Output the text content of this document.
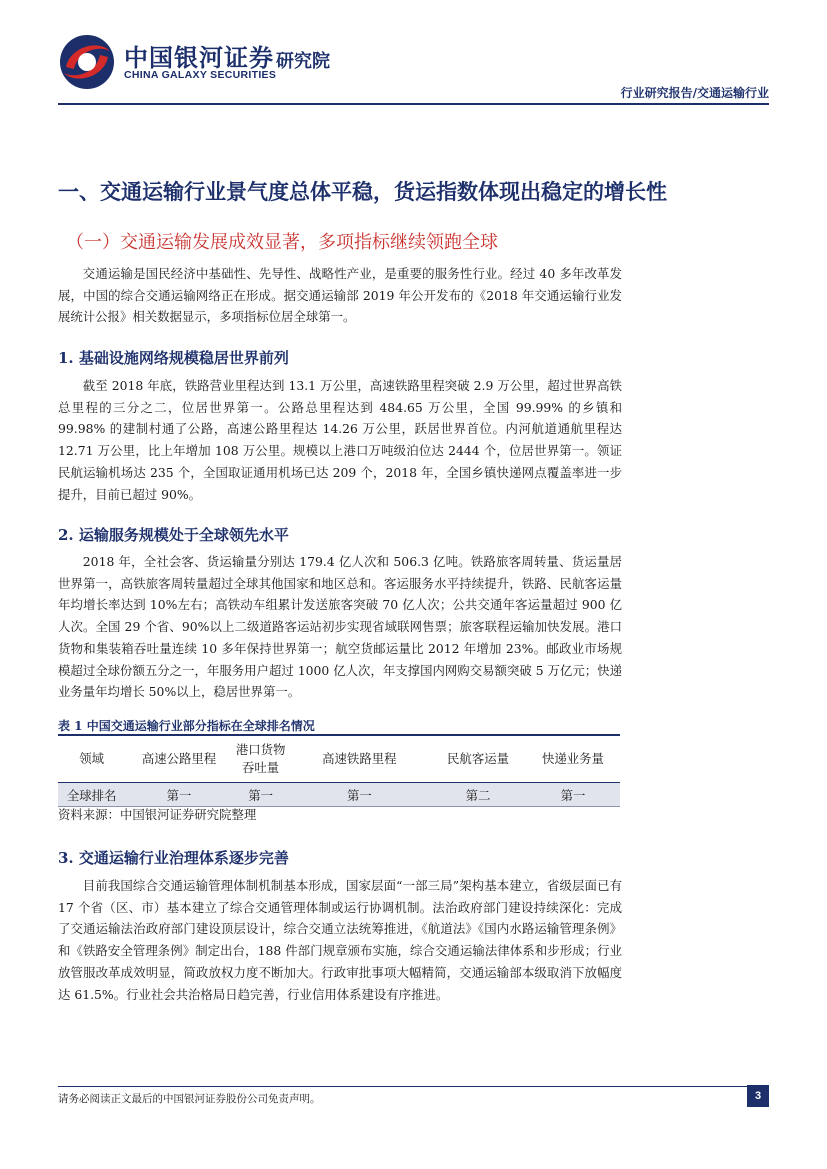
中国银河证券
CHINA GALAXY SECURITIES
研究院
行业研究报告/交通运输行业
一、交通运输行业景气度总体平稳，货运指数体现出稳定的增长性
（一）交通运输发展成效显著，多项指标继续领跑全球

交通运输是国民经济中基础性、先导性、战略性产业，是重要的服务性行业。经过 40 多年改革发展，中国的综合交通运输网络正在形成。据交通运输部 2019 年公开发布的《2018 年交通运输行业发展统计公报》相关数据显示，多项指标位居全球第一。

1. 基础设施网络规模稳居世界前列

截至 2018 年底，铁路营业里程达到 13.1 万公里，高速铁路里程突破 2.9 万公里，超过世界高铁总里程的三分之二，位居世界第一。公路总里程达到 484.65 万公里，全国 99.99% 的乡镇和 99.98% 的建制村通了公路，高速公路里程达 14.26 万公里，跃居世界首位。内河航道通航里程达 12.71 万公里，比上年增加 108 万公里。规模以上港口万吨级泊位达 2444 个，位居世界第一。领证民航运输机场达 235 个，全国取证通用机场已达 209 个，2018 年，全国乡镇快递网点覆盖率进一步提升，目前已超过 90%。

2. 运输服务规模处于全球领先水平

2018 年，全社会客、货运输量分别达 179.4 亿人次和 506.3 亿吨。铁路旅客周转量、货运量居世界第一，高铁旅客周转量超过全球其他国家和地区总和。客运服务水平持续提升，铁路、民航客运量年均增长率达到 10%左右；高铁动车组累计发送旅客突破 70 亿人次；公共交通年客运量超过 900 亿人次。全国 29 个省、90%以上二级道路客运站初步实现省域联网售票；旅客联程运输加快发展。港口货物和集装箱吞吐量连续 10 多年保持世界第一；航空货邮运量比 2012 年增加 23%。邮政业市场规模超过全球份额五分之一，年服务用户超过 1000 亿人次，年支撑国内网购交易额突破 5 万亿元；快递业务量年均增长 50%以上，稳居世界第一。

表 1 中国交通运输行业部分指标在全球排名情况
领域	高速公路里程	港口货物吞吐量	高速铁路里程	民航客运量	快递业务量
全球排名	第一	第一	第一	第二	第一
资料来源：中国银河证券研究院整理
3. 交通运输行业治理体系逐步完善

目前我国综合交通运输管理体制机制基本形成，国家层面“一部三局”架构基本建立，省级层面已有 17 个省（区、市）基本建立了综合交通管理体制或运行协调机制。法治政府部门建设持续深化：完成了交通运输法治政府部门建设顶层设计，综合交通立法统筹推进，《航道法》《国内水路运输管理条例》和《铁路安全管理条例》制定出台，188 件部门规章颁布实施，综合交通运输法律体系和步形成；行业放管服改革成效明显，简政放权力度不断加大。行政审批事项大幅精简，交通运输部本级取消下放幅度达 61.5%。行业社会共治格局日趋完善，行业信用体系建设有序推进。

请务必阅读正文最后的中国银河证券股份公司免责声明。	3
